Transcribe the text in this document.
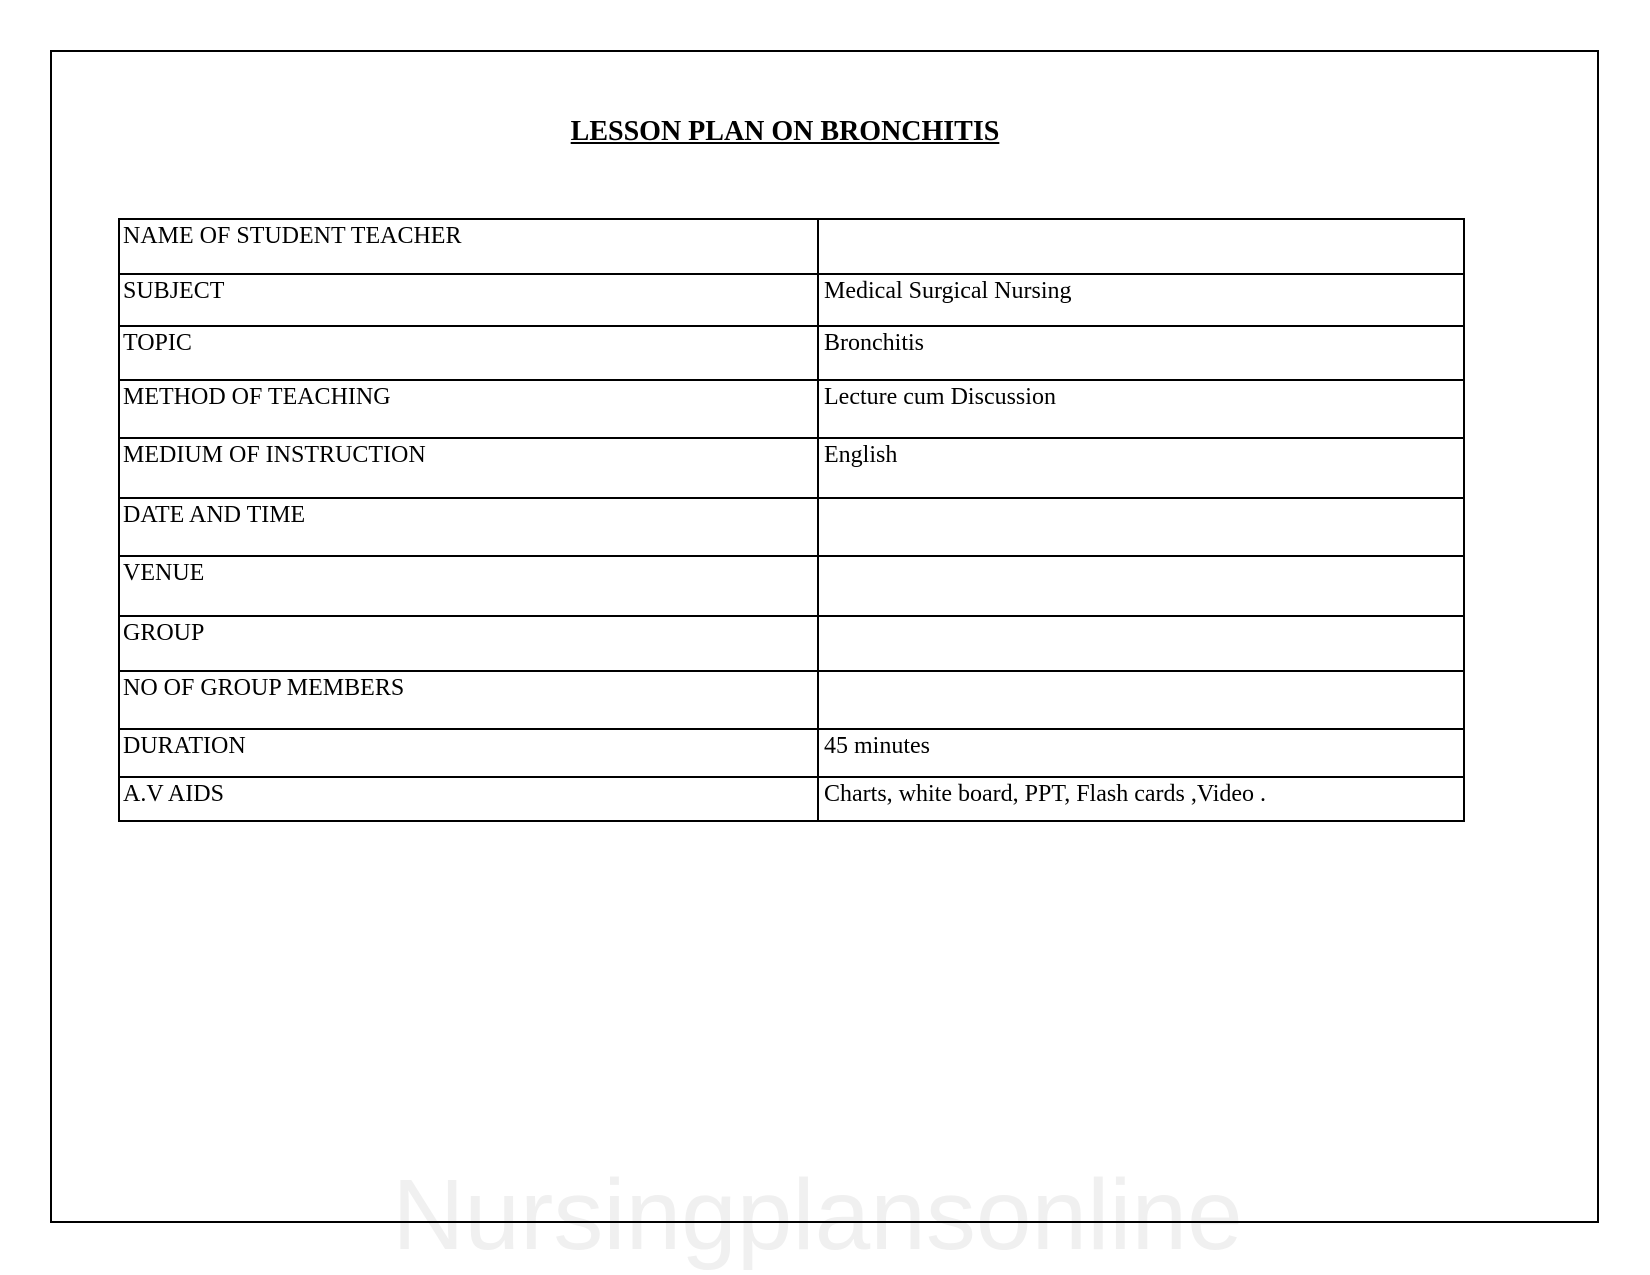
Nursingplansonline
LESSON PLAN ON BRONCHITIS
NAME OF STUDENT TEACHER	
SUBJECT	Medical Surgical Nursing
TOPIC	Bronchitis
METHOD OF TEACHING	Lecture cum Discussion
MEDIUM OF INSTRUCTION	English
DATE AND TIME	
VENUE	
GROUP	
NO OF GROUP MEMBERS	
DURATION	45 minutes
A.V AIDS	Charts, white board, PPT, Flash cards ,Video .
